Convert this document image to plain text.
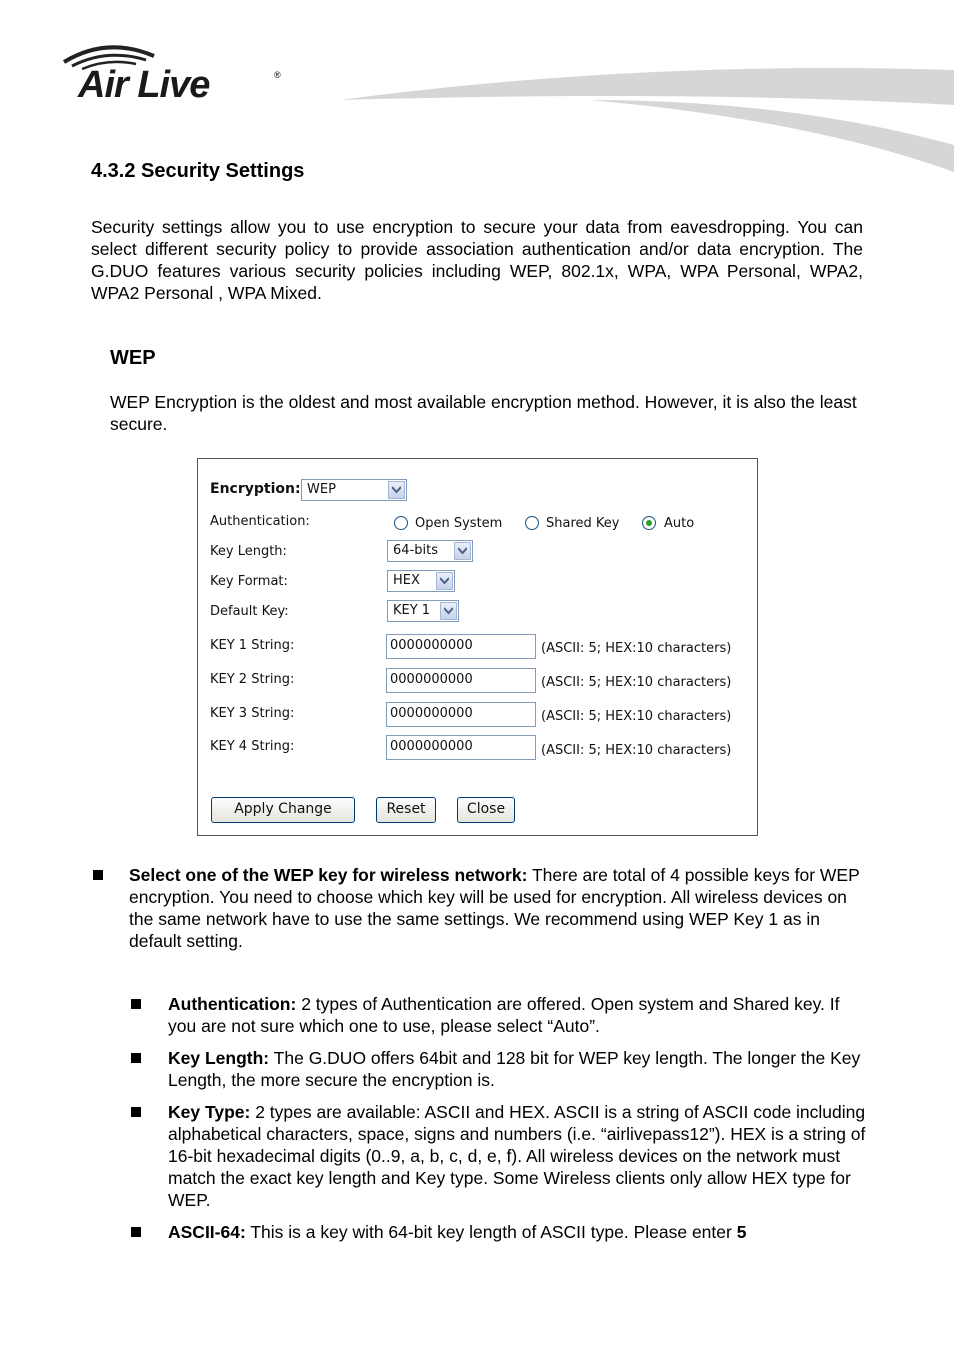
Air Live	®
4.3.2 Security Settings

Security settings allow you to use encryption to secure your data from eavesdropping. You can select different security policy to provide association authentication and/or data encryption. The G.DUO features various security policies including WEP, 802.1x, WPA, WPA Personal, WPA2, WPA2 Personal , WPA Mixed.

WEP

WEP Encryption is the oldest and most available encryption method. However, it is also the least secure.

Encryption: WEP
Authentication:	Open System	Shared Key	Auto
Key Length:	64-bits
Key Format:	HEX
Default Key:	KEY 1
KEY 1 String:	0000000000	(ASCII: 5; HEX:10 characters)
KEY 2 String:	0000000000	(ASCII: 5; HEX:10 characters)
KEY 3 String:	0000000000	(ASCII: 5; HEX:10 characters)
KEY 4 String:	0000000000	(ASCII: 5; HEX:10 characters)
Apply Change	Reset	Close
Select one of the WEP key for wireless network: There are total of 4 possible keys for WEP encryption. You need to choose which key will be used for encryption. All wireless devices on the same network have to use the same settings. We recommend using WEP Key 1 as in default setting.
Authentication: 2 types of Authentication are offered. Open system and Shared key. If you are not sure which one to use, please select “Auto”.
Key Length: The G.DUO offers 64bit and 128 bit for WEP key length. The longer the Key Length, the more secure the encryption is.
Key Type: 2 types are available: ASCII and HEX. ASCII is a string of ASCII code including alphabetical characters, space, signs and numbers (i.e. “airlivepass12”). HEX is a string of 16-bit hexadecimal digits (0..9, a, b, c, d, e, f). All wireless devices on the network must match the exact key length and Key type. Some Wireless clients only allow HEX type for WEP.
ASCII-64: This is a key with 64-bit key length of ASCII type. Please enter 5
